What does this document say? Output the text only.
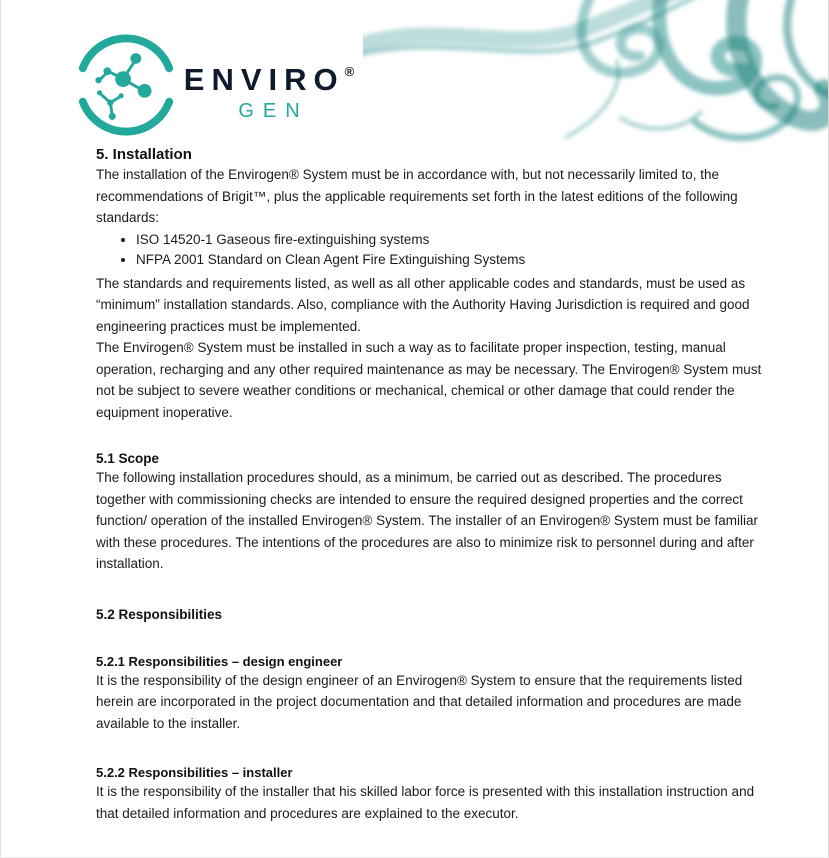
ENVIRO®
GEN
5. Installation

The installation of the Envirogen® System must be in accordance with, but not necessarily limited to, the recommendations of Brigit™, plus the applicable requirements set forth in the latest editions of the following standards:

• ISO 14520-1 Gaseous fire-extinguishing systems
• NFPA 2001 Standard on Clean Agent Fire Extinguishing Systems

The standards and requirements listed, as well as all other applicable codes and standards, must be used as “minimum” installation standards. Also, compliance with the Authority Having Jurisdiction is required and good engineering practices must be implemented.

The Envirogen® System must be installed in such a way as to facilitate proper inspection, testing, manual operation, recharging and any other required maintenance as may be necessary. The Envirogen® System must not be subject to severe weather conditions or mechanical, chemical or other damage that could render the equipment inoperative.

5.1 Scope

The following installation procedures should, as a minimum, be carried out as described. The procedures together with commissioning checks are intended to ensure the required designed properties and the correct function/ operation of the installed Envirogen® System. The installer of an Envirogen® System must be familiar with these procedures. The intentions of the procedures are also to minimize risk to personnel during and after installation.

5.2 Responsibilities
5.2.1 Responsibilities – design engineer

It is the responsibility of the design engineer of an Envirogen® System to ensure that the requirements listed herein are incorporated in the project documentation and that detailed information and procedures are made available to the installer.

5.2.2 Responsibilities – installer

It is the responsibility of the installer that his skilled labor force is presented with this installation instruction and that detailed information and procedures are explained to the executor.
